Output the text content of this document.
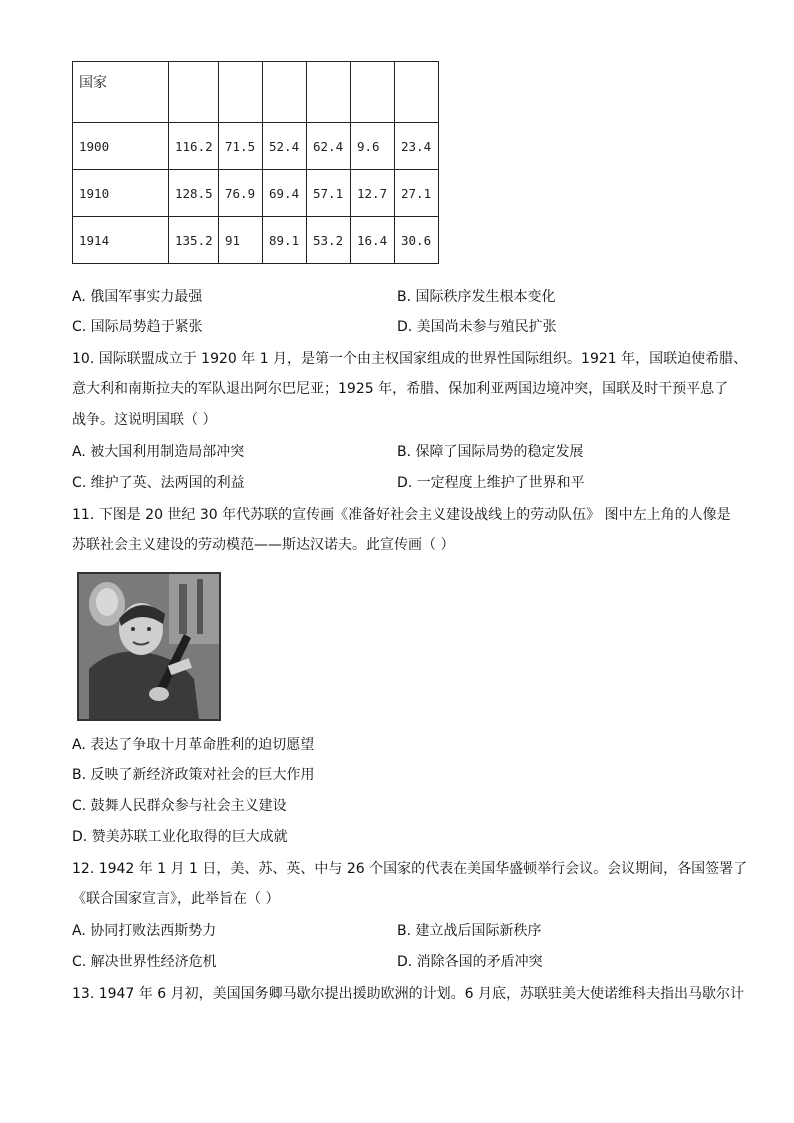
国家						
1900	116.2	71.5	52.4	62.4	9.6	23.4
1910	128.5	76.9	69.4	57.1	12.7	27.1
1914	135.2	91	89.1	53.2	16.4	30.6
A. 俄国军事实力最强	B. 国际秩序发生根本变化
C. 国际局势趋于紧张	D. 美国尚未参与殖民扩张
10. 国际联盟成立于 1920 年 1 月，是第一个由主权国家组成的世界性国际组织。1921 年，国联迫使希腊、
意大利和南斯拉夫的军队退出阿尔巴尼亚；1925 年，希腊、保加利亚两国边境冲突，国联及时干预平息了
战争。这说明国联（ ）
A. 被大国利用制造局部冲突	B. 保障了国际局势的稳定发展
C. 维护了英、法两国的利益	D. 一定程度上维护了世界和平
11. 下图是 20 世纪 30 年代苏联的宣传画《准备好社会主义建设战线上的劳动队伍》 图中左上角的人像是
苏联社会主义建设的劳动模范——斯达汉诺夫。此宣传画（ ）
A. 表达了争取十月革命胜利的迫切愿望
B. 反映了新经济政策对社会的巨大作用
C. 鼓舞人民群众参与社会主义建设
D. 赞美苏联工业化取得的巨大成就
12. 1942 年 1 月 1 日，美、苏、英、中与 26 个国家的代表在美国华盛顿举行会议。会议期间，各国签署了
《联合国家宣言》，此举旨在（ ）
A. 协同打败法西斯势力	B. 建立战后国际新秩序
C. 解决世界性经济危机	D. 消除各国的矛盾冲突
13. 1947 年 6 月初，美国国务卿马歇尔提出援助欧洲的计划。6 月底，苏联驻美大使诺维科夫指出马歇尔计
